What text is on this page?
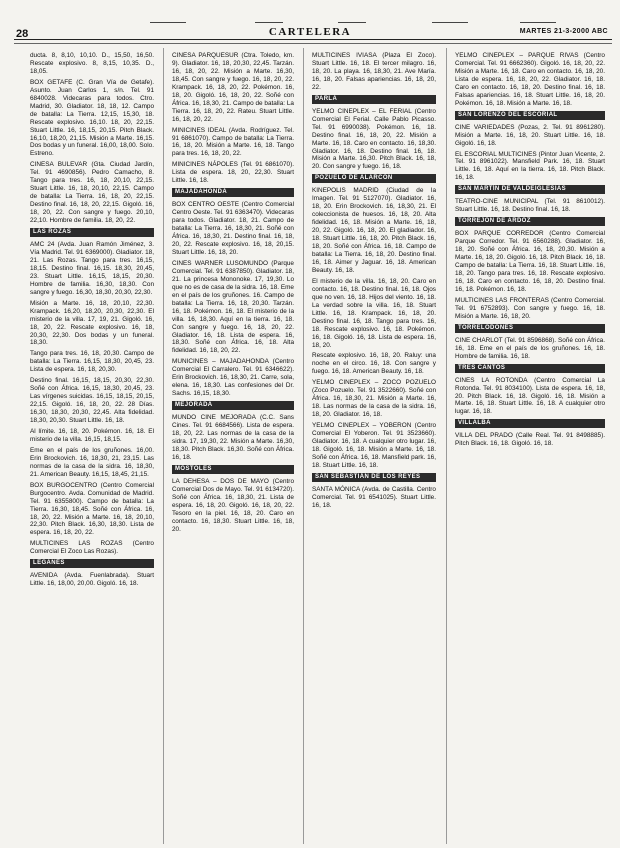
28	CARTELERA	MARTES 21-3-2000 ABC

ducta. 8, 8,10, 10,10. D., 15,50, 16,50. Rescate explosivo. 8, 8,15, 10,35. D., 18,05.

BOX GETAFE (C. Gran Vía de Getafe). Asunto. Juan Carlos 1, s/n. Tel. 91 6840028. Videcaras para todos. Ctro. Madrid, 30. Gladiator. 18, 18, 12. Campo de batalla: La Tierra. 12,15, 15,30, 18. Rescate explosivo. 16,10. 18, 20, 22,15. Stuart Little. 16, 18,15, 20,15. Pitch Black. 16,10, 18,20, 21,15. Misión a Marte. 16,15. Dos bodas y un funeral. 16,00, 18,00. Solo. Estreno.

CINESA BULEVAR (Gta. Ciudad Jardín, Tel. 91 4690856). Pedro Camacho, 8. Tango para tres. 16, 18, 20,10, 22,15. Stuart Little. 16, 18, 20,10, 22,15. Campo de batalla: La Tierra. 16, 18, 20, 22,15. Destino final. 16, 18, 20, 22,15. Gigoló. 16, 18, 20, 22. Con sangre y fuego. 20,10, 22,10. Hombre de familia. 18, 20, 22.

LAS ROZAS

AMC 24 (Avda. Juan Ramón Jiménez, 3. Vía Madrid. Tel. 91 6369000). Gladiator. 18, 21. Las Rozas. Tango para tres. 16,15, 18,15. Destino final. 16,15. 18,30, 20,45, 23. Stuart Little. 16,15, 18,15, 20,30. Hombre de familia. 16,30, 18,30. Con sangre y fuego. 16,30, 18,30, 20,30, 22,30.

Misión a Marte. 16, 18, 20,10, 22,30. Krampack. 16,20, 18,20, 20,30, 22,30. El misterio de la villa. 17, 19, 21. Gigoló. 16, 18, 20, 22. Rescate explosivo. 16, 18, 20,30, 22,30. Dos bodas y un funeral. 18,30.

Tango para tres. 16, 18, 20,30. Campo de batalla: La Tierra. 16,15, 18,30, 20,45, 23. Lista de espera. 16, 18, 20,30.

Destino final. 16,15, 18,15, 20,30, 22,30. Soñé con África. 16,15, 18,30, 20,45, 23. Las vírgenes suicidas. 16,15, 18,15, 20,15, 22,15. Gigoló. 16, 18, 20, 22. 28 Días. 16,30, 18,30, 20,30, 22,45. Alta fidelidad. 18,30, 20,30. Stuart Little. 16, 18.

Al límite. 16, 18, 20. Pokémon. 16, 18. El misterio de la villa. 16,15, 18,15.

Eme en el país de los gruñones. 16,00. Erin Brockovich. 16, 18,30, 21, 23,15. Las normas de la casa de la sidra. 16, 18,30, 21. American Beauty. 16,15, 18,45, 21,15.

BOX BURGOCENTRO (Centro Comercial Burgocentro. Avda. Comunidad de Madrid. Tel. 91 6355800). Campo de batalla: La Tierra. 16,30, 18,45. Soñé con África. 16, 18, 20, 22. Misión a Marte. 16, 18, 20,10, 22,30. Pitch Black. 16,30, 18,30. Lista de espera. 16, 18, 20, 22.

MULTICINES LAS ROZAS (Centro Comercial El Zoco Las Rozas).

LEGANÉS

AVENIDA (Avda. Fuenlabrada). Stuart Little. 16, 18,00, 20,00. Gigoló. 16, 18.

CINESA PARQUESUR (Ctra. Toledo, km. 9). Gladiator. 16, 18, 20,30, 22,45. Tarzán. 16, 18, 20, 22. Misión a Marte. 16,30, 18,45. Con sangre y fuego. 16, 18, 20, 22. Krampack. 16, 18, 20, 22. Pokémon. 16, 18, 20. Gigoló. 16, 18, 20, 22. Soñé con África. 16, 18,30, 21. Campo de batalla: La Tierra. 16, 18, 20, 22. Rateu. Stuart Little. 16, 18, 20, 22.

MINICINES IDEAL (Avda. Rodríguez. Tel. 91 6861070). Campo de batalla: La Tierra. 16, 18, 20. Misión a Marte. 16, 18. Tango para tres. 16, 18, 20, 22.

MINICINES NÁPOLES (Tel. 91 6861070). Lista de espera. 18, 20, 22,30. Stuart Little. 16, 18.

MAJADAHONDA

BOX CENTRO OESTE (Centro Comercial Centro Oeste. Tel. 91 6363470). Videcaras para todos. Gladiator. 18, 21. Campo de batalla: La Tierra. 16, 18,30, 21. Soñé con África. 16, 18,30, 21. Destino final. 16, 18, 20, 22. Rescate explosivo. 16, 18, 20,15. Stuart Little. 16, 18, 20.

CINES WARNER LUSOMUNDO (Parque Comercial. Tel. 91 6387850). Gladiator. 18, 21. La princesa Mononoke. 17, 19,30. Lo que no es de casa de la sidra. 16, 18. Eme en el país de los gruñones. 16. Campo de batalla: La Tierra. 16, 18, 20,30. Tarzán. 16, 18. Pokémon. 16, 18. El misterio de la villa. 16, 18,30. Aquí en la tierra. 16, 18. Con sangre y fuego. 16, 18, 20, 22. Gladiator. 16, 18. Lista de espera. 16, 18,30. Soñé con África. 16, 18. Alta fidelidad. 16, 18, 20, 22.

MUNICINES – MAJADAHONDA (Centro Comercial El Carralero. Tel. 91 6346622). Erin Brockovich. 16, 18,30, 21. Carre, sola, elena. 16, 18,30. Las confesiones del Dr. Sachs. 16,15, 18,30.

MEJORADA

MUNDO CINE MEJORADA (C.C. Sans Cines. Tel. 91 6684566). Lista de espera. 18, 20, 22. Las normas de la casa de la sidra. 17, 19,30, 22. Misión a Marte. 16,30, 18,30. Pitch Black. 16,30. Soñé con África. 16, 18.

MÓSTOLES

LA DEHESA – DOS DE MAYO (Centro Comercial Dos de Mayo. Tel. 91 6134720). Soñé con África. 16, 18,30, 21. Lista de espera. 16, 18, 20. Gigoló. 16, 18, 20, 22. Tesoro en la piel. 16, 18, 20. Caro en contacto. 16, 18,30. Stuart Little. 16, 18, 20.

MULTICINES IVIASA (Plaza El Zoco). Stuart Little. 16, 18. El tercer milagro. 16, 18, 20. La playa. 16, 18,30, 21. Ave María. 16, 18, 20. Falsas apariencias. 16, 18, 20, 22.

PARLA

YELMO CINEPLEX – EL FERIAL (Centro Comercial El Ferial. Calle Pablo Picasso. Tel. 91 6990038). Pokémon. 16, 18. Destino final. 16, 18, 20, 22. Misión a Marte. 16, 18. Caro en contacto. 16, 18,30. Gladiator. 16, 18. Destino final. 16, 18. Misión a Marte. 16,30. Pitch Black. 16, 18, 20. Con sangre y fuego. 16, 18.

POZUELO DE ALARCÓN

KINEPOLIS MADRID (Ciudad de la Imagen. Tel. 91 5127070). Gladiator. 16, 18, 20. Erin Brockovich. 16, 18,30, 21. El coleccionista de huesos. 16, 18, 20. Alta fidelidad. 16, 18. Misión a Marte. 16, 18, 20, 22. Gigoló. 16, 18, 20. El gladiador. 16, 18. Stuart Little. 16, 18, 20. Pitch Black. 16, 18, 20. Soñé con África. 16, 18. Campo de batalla: La Tierra. 16, 18, 20. Destino final. 16, 18. Aimer y Jaguar. 16, 18. American Beauty. 16, 18.

El misterio de la villa. 16, 18, 20. Caro en contacto. 16, 18. Destino final. 16, 18. Ojos que no ven. 16, 18. Hijos del viento. 16, 18. La verdad sobre la villa. 16, 18. Stuart Little. 16, 18. Krampack. 16, 18, 20. Destino final. 16, 18. Tango para tres. 16, 18. Rescate explosivo. 16, 18. Pokémon. 16, 18. Gigoló. 16, 18. Lista de espera. 16, 18, 20.

Rescate explosivo. 16, 18, 20. Raluy: una noche en el circo. 16, 18. Con sangre y fuego. 16, 18. American Beauty. 16, 18.

YELMO CINEPLEX – ZOCO POZUELO (Zoco Pozuelo. Tel. 91 3522660). Soñé con África. 16, 18,30, 21. Misión a Marte. 16, 18. Las normas de la casa de la sidra. 16, 18, 20. Gladiator. 16, 18.

YELMO CINEPLEX – YOBERON (Centro Comercial El Yoberon. Tel. 91 3523660). Gladiator. 16, 18. A cualquier otro lugar. 16, 18. Gigoló. 16, 18. Misión a Marte. 16, 18. Soñé con África. 16, 18. Mansfield park. 16, 18. Stuart Little. 16, 18.

SAN SEBASTIÁN DE LOS REYES

SANTA MÓNICA (Avda. de Castilla. Centro Comercial. Tel. 91 6541025). Stuart Little. 16, 18.

YELMO CINEPLEX – PARQUE RIVAS (Centro Comercial. Tel. 91 6662360). Gigoló. 16, 18, 20, 22. Misión a Marte. 16, 18. Caro en contacto. 16, 18, 20. Lista de espera. 16, 18, 20, 22. Gladiator. 16, 18. Caro en contacto. 16, 18, 20. Destino final. 16, 18. Falsas apariencias. 16, 18. Stuart Little. 16, 18, 20. Pokémon. 16, 18. Misión a Marte. 16, 18.

SAN LORENZO DEL ESCORIAL

CINE VARIEDADES (Pozas, 2. Tel. 91 8961280). Misión a Marte. 16, 18, 20. Stuart Little. 16, 18. Gigoló. 16, 18.

EL ESCORIAL MULTICINES (Pintor Juan Vicente, 2. Tel. 91 8961022). Mansfield Park. 16, 18. Stuart Little. 16, 18. Aquí en la tierra. 16, 18. Pitch Black. 16, 18.

SAN MARTÍN DE VALDEIGLESIAS

TEATRO-CINE MUNICIPAL (Tel. 91 8610012). Stuart Little. 16, 18. Destino final. 16, 18.

TORREJÓN DE ARDOZ

BOX PARQUE CORREDOR (Centro Comercial Parque Corredor. Tel. 91 6560288). Gladiator. 16, 18, 20. Soñé con África. 16, 18, 20,30. Misión a Marte. 16, 18, 20. Gigoló. 16, 18. Pitch Black. 16, 18. Campo de batalla: La Tierra. 16, 18. Stuart Little. 16, 18, 20. Tango para tres. 16, 18. Rescate explosivo. 16, 18. Caro en contacto. 16, 18, 20. Destino final. 16, 18. Pokémon. 16, 18.

MULTICINES LAS FRONTERAS (Centro Comercial. Tel. 91 6752893). Con sangre y fuego. 16, 18. Misión a Marte. 16, 18, 20.

TORRELODONES

CINE CHARLOT (Tel. 91 8596868). Soñé con África. 16, 18. Eme en el país de los gruñones. 16, 18. Hombre de familia. 16, 18.

TRES CANTOS

CINES LA ROTONDA (Centro Comercial La Rotonda. Tel. 91 8034100). Lista de espera. 16, 18, 20. Pitch Black. 16, 18. Gigoló. 16, 18. Misión a Marte. 16, 18. Stuart Little. 16, 18. A cualquier otro lugar. 16, 18.

VILLALBA

VILLA DEL PRADO (Calle Real. Tel. 91 8498885). Pitch Black. 16, 18. Gigoló. 16, 18.
